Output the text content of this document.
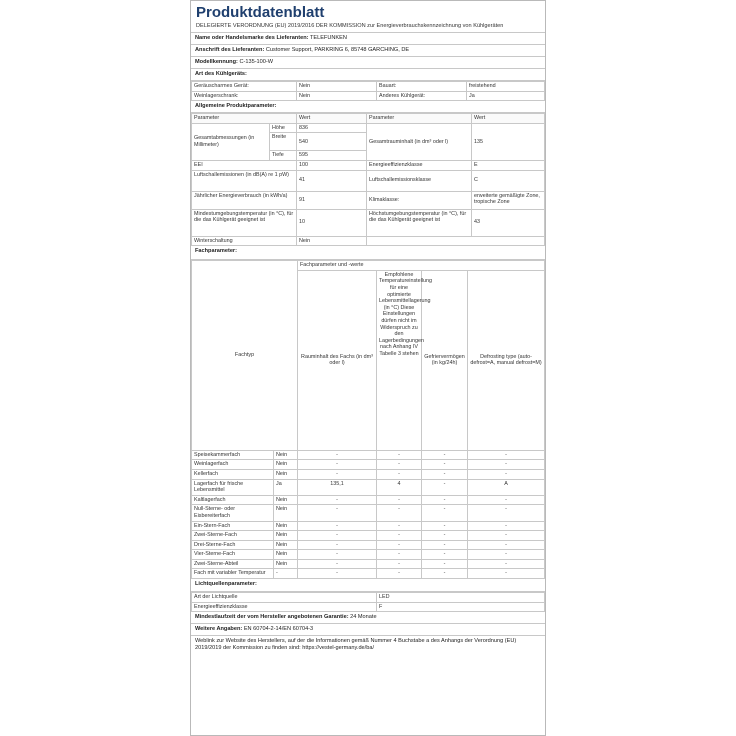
Produktdatenblatt
DELEGIERTE VERORDNUNG (EU) 2019/2016 DER KOMMISSION zur Energieverbrauchskennzeichnung von Kühlgeräten
Name oder Handelsmarke des Lieferanten: TELEFUNKEN
Anschrift des Lieferanten: Customer Support, PARKRING 6, 85748 GARCHING, DE
Modellkennung: C-135-100-W
Art des Kühlgeräts:
Geräuscharmes Gerät:	Nein	Bauart:	freistehend
Weinlagerschrank:	Nein	Anderes Kühlgerät:	Ja
Allgemeine Produktparameter:
Parameter		Wert	Parameter	Wert
Gesamtabmessungen (in Millimeter)	Höhe	836	Gesamtrauminhalt (in dm³ oder l)	135
	Breite	540		
	Tiefe	595		
EEI		100	Energieeffizienzklasse	E
Luftschallemissionen (in dB(A) re 1 pW)		41	Luftschallemissionsklasse	C
Jährlicher Energieverbrauch (in kWh/a)		91	Klimaklasse:	erweiterte gemäßigte Zone, tropische Zone
Mindestumgebungstemperatur (in °C), für die das Kühlgerät geeignet ist		10	Höchstumgebungstemperatur (in °C), für die das Kühlgerät geeignet ist	43
Winterschaltung		Nein		
Fachparameter:
Fachtyp		Fachparameter und -werte			
		Rauminhalt des Fachs (in dm³ oder l)	Empfohlene Temperatureinstellung für eine optimierte Lebensmittellagerung (in °C) Diese Einstellungen dürfen nicht im Widerspruch zu den Lagerbedingungen nach Anhang IV Tabelle 3 stehen	Gefriervermögen (in kg/24h)	Defrosting type (auto-defrost=A, manual defrost=M)
Speisekammerfach	Nein	-	-	-	-
Weinlagerfach	Nein	-	-	-	-
Kellerfach	Nein	-	-	-	-
Lagerfach für frische Lebensmittel	Ja	135,1	4	-	A
Kaltlagerfach	Nein	-	-	-	-
Null-Sterne- oder Eisbereiterfach	Nein	-	-	-	-
Ein-Stern-Fach	Nein	-	-	-	-
Zwei-Sterne-Fach	Nein	-	-	-	-
Drei-Sterne-Fach	Nein	-	-	-	-
Vier-Sterne-Fach	Nein	-	-	-	-
Zwei-Sterne-Abteil	Nein	-	-	-	-
Fach mit variabler Temperatur	-	-	-	-	-
Lichtquellenparameter:
Art der Lichtquelle	LED
Energieeffizienzklasse	F
Mindestlaufzeit der vom Hersteller angebotenen Garantie: 24 Monate
Weitere Angaben: EN 60704-2-14/EN 60704-3
Weblink zur Website des Herstellers, auf der die Informationen gemäß Nummer 4 Buchstabe a des Anhangs der Verordnung (EU) 2019/2019 der Kommission zu finden sind: https://vestel-germany.de/ba/
